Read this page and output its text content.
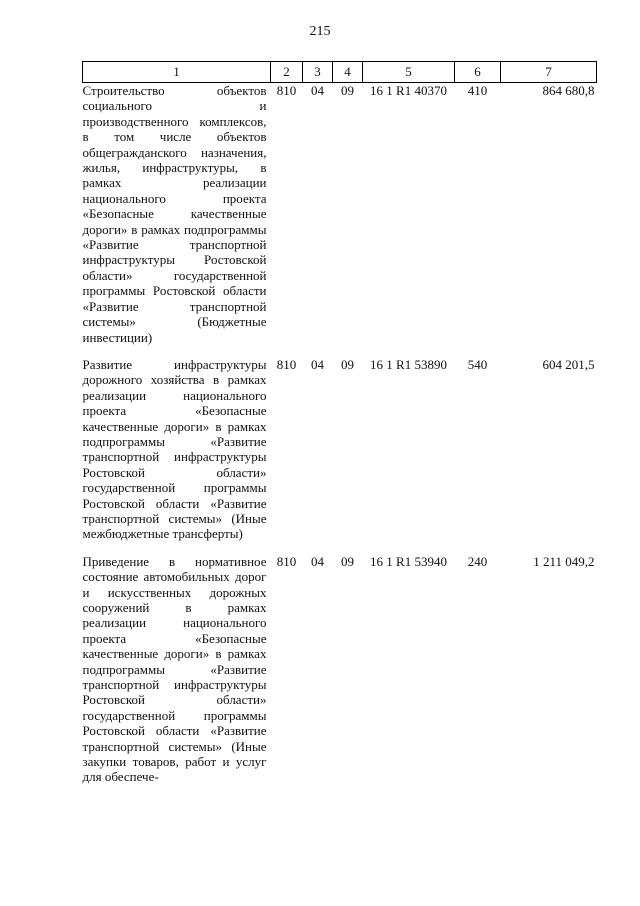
215
1	2	3	4	5	6	7
Строительство объектов социального и производственного комплексов, в том числе объектов общегражданского назначения, жилья, инфраструктуры, в рамках реализации национального проекта «Безопасные качественные дороги» в рамках подпрограммы «Развитие транспортной инфраструктуры Ростовской области» государственной программы Ростовской области «Развитие транспортной системы» (Бюджетные инвестиции)	810	04	09	16 1 R1 40370	410	864 680,8
Развитие инфраструктуры дорожного хозяйства в рамках реализации национального проекта «Безопасные качественные дороги» в рамках подпрограммы «Развитие транспортной инфраструктуры Ростовской области» государственной программы Ростовской области «Развитие транспортной системы» (Иные межбюджетные трансферты)	810	04	09	16 1 R1 53890	540	604 201,5
Приведение в нормативное состояние автомобильных дорог и искусственных дорожных сооружений в рамках реализации национального проекта «Безопасные качественные дороги» в рамках подпрограммы «Развитие транспортной инфраструктуры Ростовской области» государственной программы Ростовской области «Развитие транспортной системы» (Иные закупки товаров, работ и услуг для обеспече-	810	04	09	16 1 R1 53940	240	1 211 049,2
